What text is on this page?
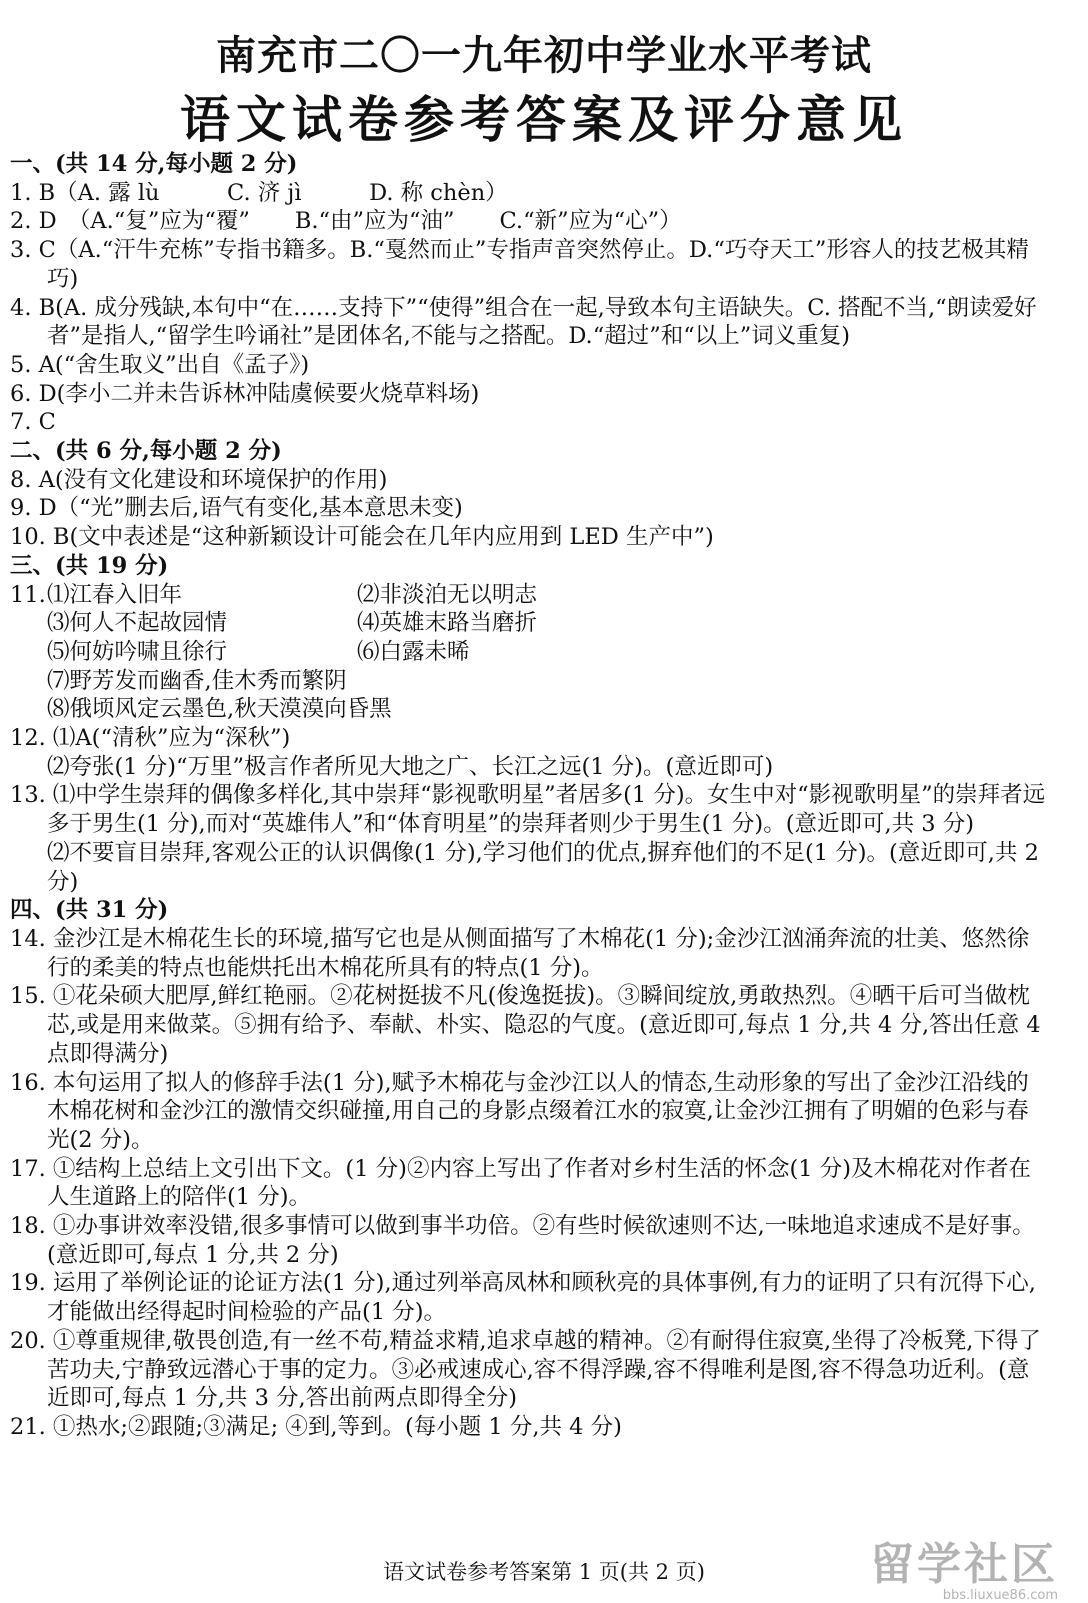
南充市二〇一九年初中学业水平考试
语文试卷参考答案及评分意见
一、(共 14 分,每小题 2 分)
1. B（A. 露 lù　　　C. 济 jì　　　D. 称 chèn）
2. D　（A.“复”应为“覆”　　B.“由”应为“油”　　C.“新”应为“心”）
3. C（A.“汗牛充栋”专指书籍多。B.“戛然而止”专指声音突然停止。D.“巧夺天工”形容人的技艺极其精巧)
4. B(A. 成分残缺,本句中“在……支持下”“使得”组合在一起,导致本句主语缺失。C. 搭配不当,“朗读爱好者”是指人,“留学生吟诵社”是团体名,不能与之搭配。D.“超过”和“以上”词义重复)
5. A(“舍生取义”出自《孟子》)
6. D(李小二并未告诉林冲陆虞候要火烧草料场)
7. C
二、(共 6 分,每小题 2 分)
8. A(没有文化建设和环境保护的作用)
9. D（“光”删去后,语气有变化,基本意思未变)
10. B(文中表述是“这种新颖设计可能会在几年内应用到 LED 生产中”)
三、(共 19 分)
11. ⑴江春入旧年	⑵非淡泊无以明志
⑶何人不起故园情	⑷英雄末路当磨折
⑸何妨吟啸且徐行	⑹白露未晞
⑺野芳发而幽香,佳木秀而繁阴
⑻俄顷风定云墨色,秋天漠漠向昏黑
12. ⑴A(“清秋”应为“深秋”)
⑵夸张(1 分)“万里”极言作者所见大地之广、长江之远(1 分)。(意近即可)
13. ⑴中学生崇拜的偶像多样化,其中崇拜“影视歌明星”者居多(1 分)。女生中对“影视歌明星”的崇拜者远多于男生(1 分),而对“英雄伟人”和“体育明星”的崇拜者则少于男生(1 分)。(意近即可,共 3 分)
⑵不要盲目崇拜,客观公正的认识偶像(1 分),学习他们的优点,摒弃他们的不足(1 分)。(意近即可,共 2 分)
四、(共 31 分)
14. 金沙江是木棉花生长的环境,描写它也是从侧面描写了木棉花(1 分);金沙江汹涌奔流的壮美、悠然徐行的柔美的特点也能烘托出木棉花所具有的特点(1 分)。
15. ①花朵硕大肥厚,鲜红艳丽。②花树挺拔不凡(俊逸挺拔)。③瞬间绽放,勇敢热烈。④晒干后可当做枕芯,或是用来做菜。⑤拥有给予、奉献、朴实、隐忍的气度。(意近即可,每点 1 分,共 4 分,答出任意 4 点即得满分)
16. 本句运用了拟人的修辞手法(1 分),赋予木棉花与金沙江以人的情态,生动形象的写出了金沙江沿线的木棉花树和金沙江的激情交织碰撞,用自己的身影点缀着江水的寂寞,让金沙江拥有了明媚的色彩与春光(2 分)。
17. ①结构上总结上文引出下文。(1 分)②内容上写出了作者对乡村生活的怀念(1 分)及木棉花对作者在人生道路上的陪伴(1 分)。
18. ①办事讲效率没错,很多事情可以做到事半功倍。②有些时候欲速则不达,一味地追求速成不是好事。(意近即可,每点 1 分,共 2 分)
19. 运用了举例论证的论证方法(1 分),通过列举高凤林和顾秋亮的具体事例,有力的证明了只有沉得下心,才能做出经得起时间检验的产品(1 分)。
20. ①尊重规律,敬畏创造,有一丝不苟,精益求精,追求卓越的精神。②有耐得住寂寞,坐得了冷板凳,下得了苦功夫,宁静致远潜心于事的定力。③必戒速成心,容不得浮躁,容不得唯利是图,容不得急功近利。(意近即可,每点 1 分,共 3 分,答出前两点即得全分)
21. ①热水;②跟随;③满足; ④到,等到。(每小题 1 分,共 4 分)
语文试卷参考答案第 1 页(共 2 页)	留学社区
bbs.liuxue86.com
